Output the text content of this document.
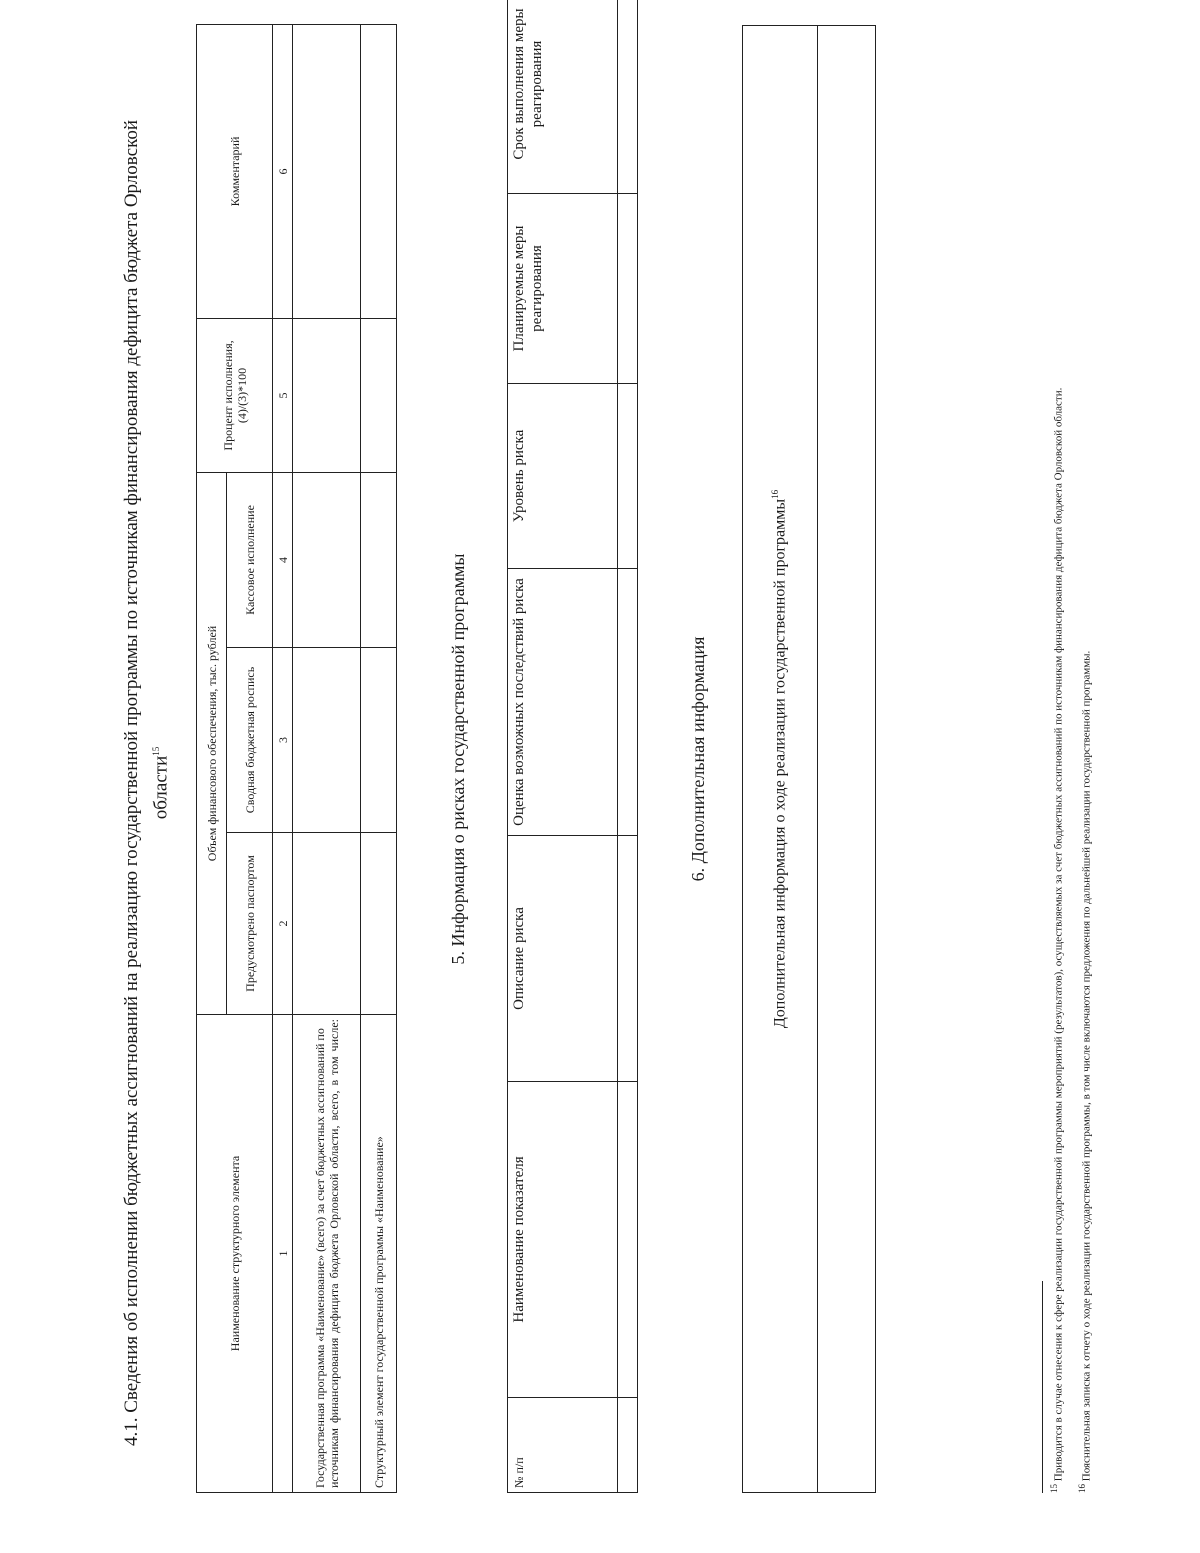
4.1. Сведения об исполнении бюджетных ассигнований на реализацию государственной программы по источникам финансирования дефицита бюджета Орловской области$^{15}$
Наименование структурного элемента	Объем финансового обеспечения, тыс. рублей			Процент исполнения, (4)/(3)*100	Комментарий
	Предусмотрено паспортом	Сводная бюджетная роспись	Кассовое исполнение		
1	2	3	4	5	6
Государственная программа «Наименование» (всего) за счет бюджетных ассигнований по источникам финансирования дефицита бюджета Орловской области, всего, в том числе:					
Структурный элемент государственной программы «Наименование»					
5. Информация о рисках государственной программы
№ п/п	Наименование показателя	Описание риска	Оценка возможных последствий риска	Уровень риска	Планируемые меры реагирования	Срок выполнения меры реагирования	

6. Дополнительная информация	Дополнительная информация о ходе реализации государственной программы$^{16}$

$^{15}$ Приводится в случае отнесения к сфере реализации государственной программы мероприятий (результатов), осуществляемых за счет бюджетных ассигнований по источникам финансирования дефицита бюджета Орловской области.
$^{16}$ Пояснительная записка к отчету о ходе реализации государственной программы, в том числе включаются предложения по дальнейшей реализации государственной программы.
